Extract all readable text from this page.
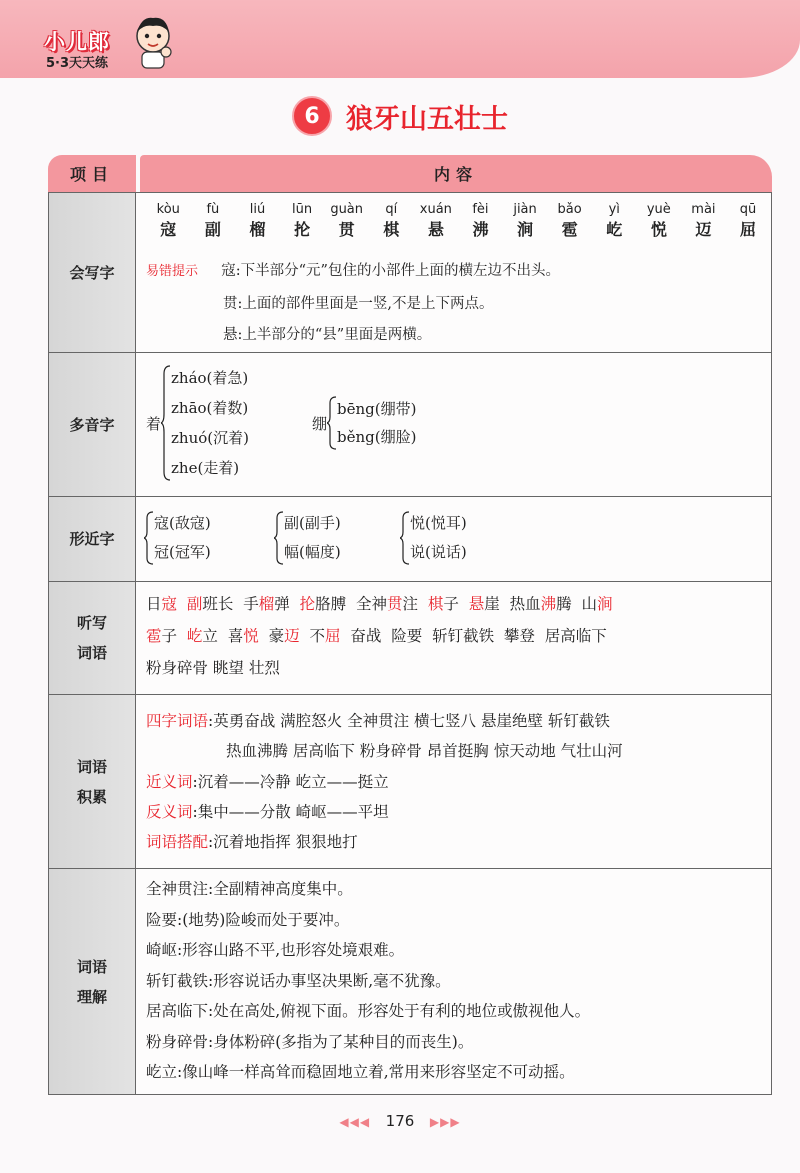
小儿郎
5·3天天练
6 狼牙山五壮士
项目	内容
会写字
kòu
寇
fù
副
liú
榴
lūn
抡
guàn
贯
qí
棋
xuán
悬
fèi
沸
jiàn
涧
bǎo
雹
yì
屹
yuè
悦
mài
迈
qū
屈
易错提示 寇:下半部分“元”包住的小部件上面的横左边不出头。
贯:上面的部件里面是一竖,不是上下两点。
悬:上半部分的“县”里面是两横。
多音字	着
zháo(着急)
zhāo(着数)
zhuó(沉着)
zhe(走着)
绷
bēng(绷带)
běng(绷脸)
形近字
寇(敌寇)
冠(冠军)
副(副手)
幅(幅度)
悦(悦耳)
说(说话)
听写
词语
日寇 副班长  手榴弹  抡胳膊  全神贯注  棋子  悬崖  热血沸腾  山涧
雹子  屹立  喜悦  豪迈  不屈  奋战  险要  斩钉截铁  攀登  居高临下
粉身碎骨 眺望 壮烈
词语
积累
四字词语:英勇奋战 满腔怒火 全神贯注 横七竖八 悬崖绝壁 斩钉截铁
热血沸腾 居高临下 粉身碎骨 昂首挺胸 惊天动地 气壮山河
近义词:沉着——冷静 屹立——挺立
反义词:集中——分散 崎岖——平坦
词语搭配:沉着地指挥 狠狠地打
词语
理解
全神贯注:全副精神高度集中。
险要:(地势)险峻而处于要冲。
崎岖:形容山路不平,也形容处境艰难。
斩钉截铁:形容说话办事坚决果断,毫不犹豫。
居高临下:处在高处,俯视下面。形容处于有利的地位或傲视他人。
粉身碎骨:身体粉碎(多指为了某种目的而丧生)。
屹立:像山峰一样高耸而稳固地立着,常用来形容坚定不可动摇。
◀◀◀ 176 ▶▶▶
